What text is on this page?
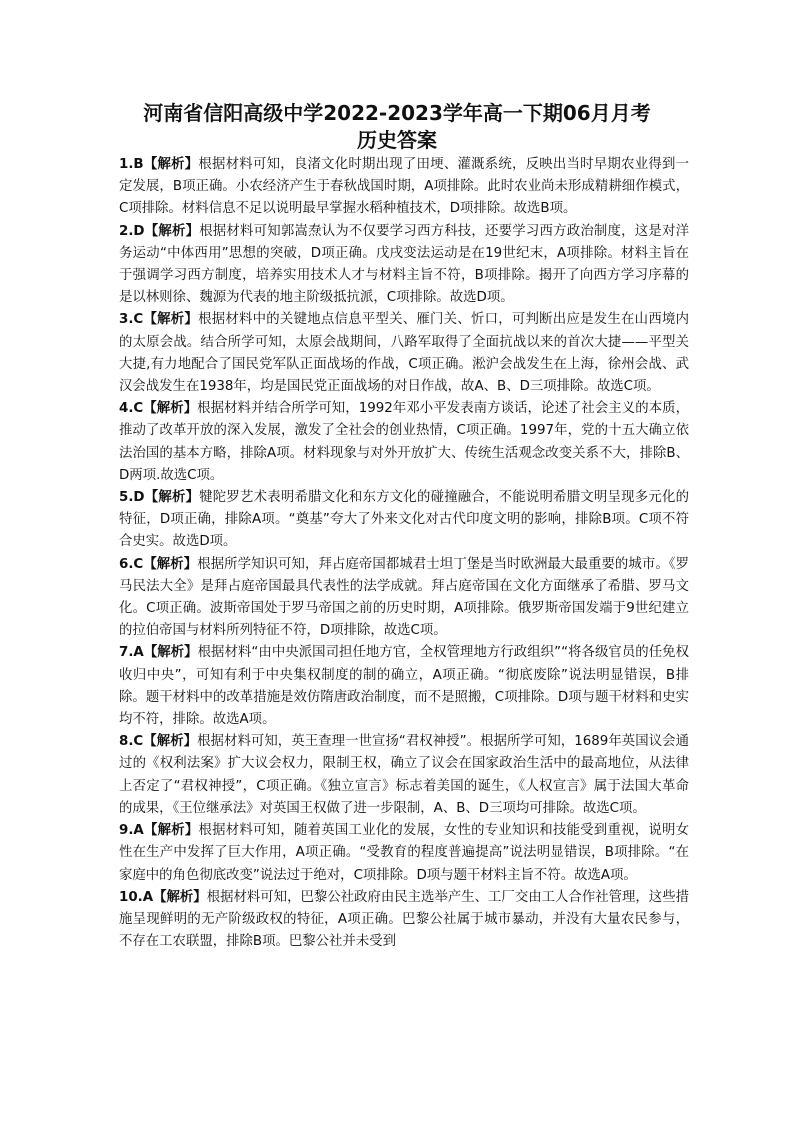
河南省信阳高级中学2022-2023学年高一下期06月月考
历史答案

1.B【解析】根据材料可知，良渚文化时期出现了田埂、灌溉系统，反映出当时早期农业得到一定发展，B项正确。小农经济产生于春秋战国时期，A项排除。此时农业尚未形成精耕细作模式，C项排除。材料信息不足以说明最早掌握水稻种植技术，D项排除。故选B项。

2.D【解析】根据材料可知郭嵩焘认为不仅要学习西方科技，还要学习西方政治制度，这是对洋务运动“中体西用”思想的突破，D项正确。戊戌变法运动是在19世纪末，A项排除。材料主旨在于强调学习西方制度，培养实用技术人才与材料主旨不符，B项排除。揭开了向西方学习序幕的是以林则徐、魏源为代表的地主阶级抵抗派，C项排除。故选D项。

3.C【解析】根据材料中的关键地点信息平型关、雁门关、忻口，可判断出应是发生在山西境内的太原会战。结合所学可知，太原会战期间，八路军取得了全面抗战以来的首次大捷——平型关大捷,有力地配合了国民党军队正面战场的作战，C项正确。淞沪会战发生在上海，徐州会战、武汉会战发生在1938年，均是国民党正面战场的对日作战，故A、B、D三项排除。故选C项。

4.C【解析】根据材料并结合所学可知，1992年邓小平发表南方谈话，论述了社会主义的本质，推动了改革开放的深入发展，激发了全社会的创业热情，C项正确。1997年，党的十五大确立依法治国的基本方略，排除A项。材料现象与对外开放扩大、传统生活观念改变关系不大，排除B、D两项.故选C项。

5.D【解析】犍陀罗艺术表明希腊文化和东方文化的碰撞融合，不能说明希腊文明呈现多元化的特征，D项正确，排除A项。“奠基”夸大了外来文化对古代印度文明的影响，排除B项。C项不符合史实。故选D项。

6.C【解析】根据所学知识可知，拜占庭帝国都城君士坦丁堡是当时欧洲最大最重要的城市。《罗马民法大全》是拜占庭帝国最具代表性的法学成就。拜占庭帝国在文化方面继承了希腊、罗马文化。C项正确。波斯帝国处于罗马帝国之前的历史时期，A项排除。俄罗斯帝国发端于9世纪建立的拉伯帝国与材料所列特征不符，D项排除，故选C项。

7.A【解析】根据材料“由中央派国司担任地方官，全权管理地方行政组织”“将各级官员的任免权收归中央”，可知有利于中央集权制度的制的确立，A项正确。“彻底废除”说法明显错误，B排除。题干材料中的改革措施是效仿隋唐政治制度，而不是照搬，C项排除。D项与题干材料和史实均不符，排除。故选A项。

8.C【解析】根据材料可知，英王查理一世宣扬“君权神授”。根据所学可知，1689年英国议会通过的《权利法案》扩大议会权力，限制王权，确立了议会在国家政治生活中的最高地位，从法律上否定了“君权神授”，C项正确。《独立宣言》标志着美国的诞生，《人权宣言》属于法国大革命的成果，《王位继承法》对英国王权做了进一步限制，A、B、D三项均可排除。故选C项。

9.A【解析】根据材料可知，随着英国工业化的发展，女性的专业知识和技能受到重视，说明女性在生产中发挥了巨大作用，A项正确。“受教育的程度普遍提高”说法明显错误，B项排除。“在家庭中的角色彻底改变”说法过于绝对，C项排除。D项与题干材料主旨不符。故选A项。

10.A【解析】根据材料可知，巴黎公社政府由民主选举产生、工厂交由工人合作社管理，这些措施呈现鲜明的无产阶级政权的特征，A项正确。巴黎公社属于城市暴动，并没有大量农民参与，不存在工农联盟，排除B项。巴黎公社并未受到
